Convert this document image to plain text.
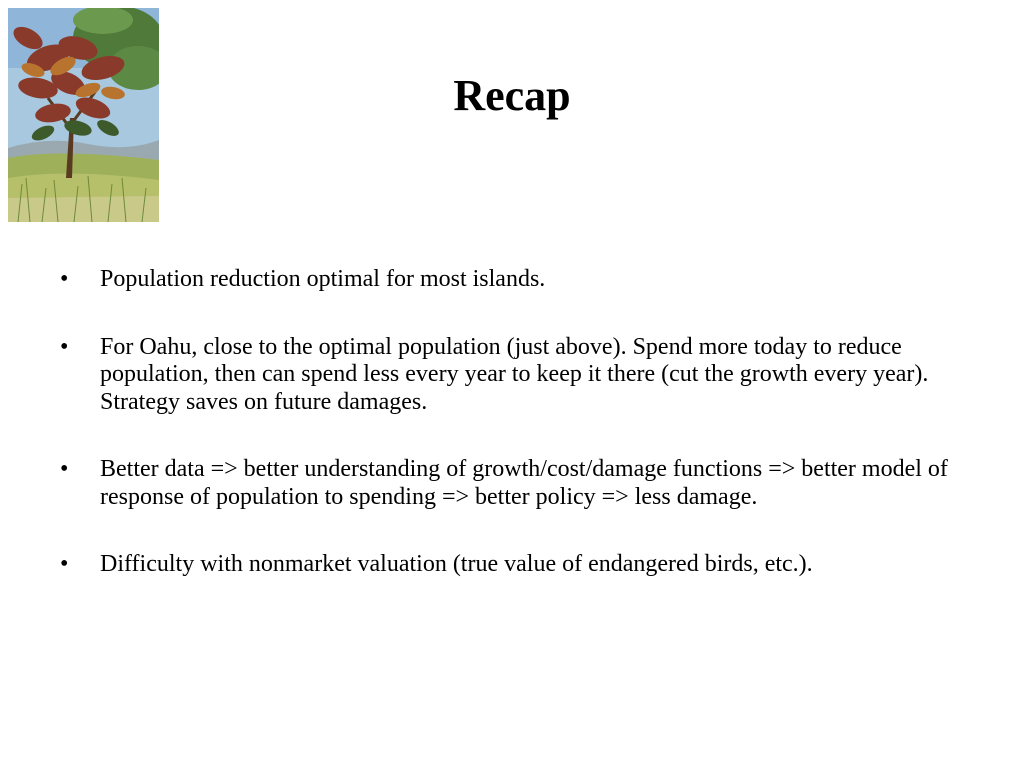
Recap
•	Population reduction optimal for most islands.
•	For Oahu, close to the optimal population (just above). Spend more today to reduce population, then can spend less every year to keep it there (cut the growth every year). Strategy saves on future damages.
•	Better data => better understanding of growth/cost/damage functions => better model of response of population to spending => better policy => less damage.
•	Difficulty with nonmarket valuation (true value of endangered birds, etc.).
